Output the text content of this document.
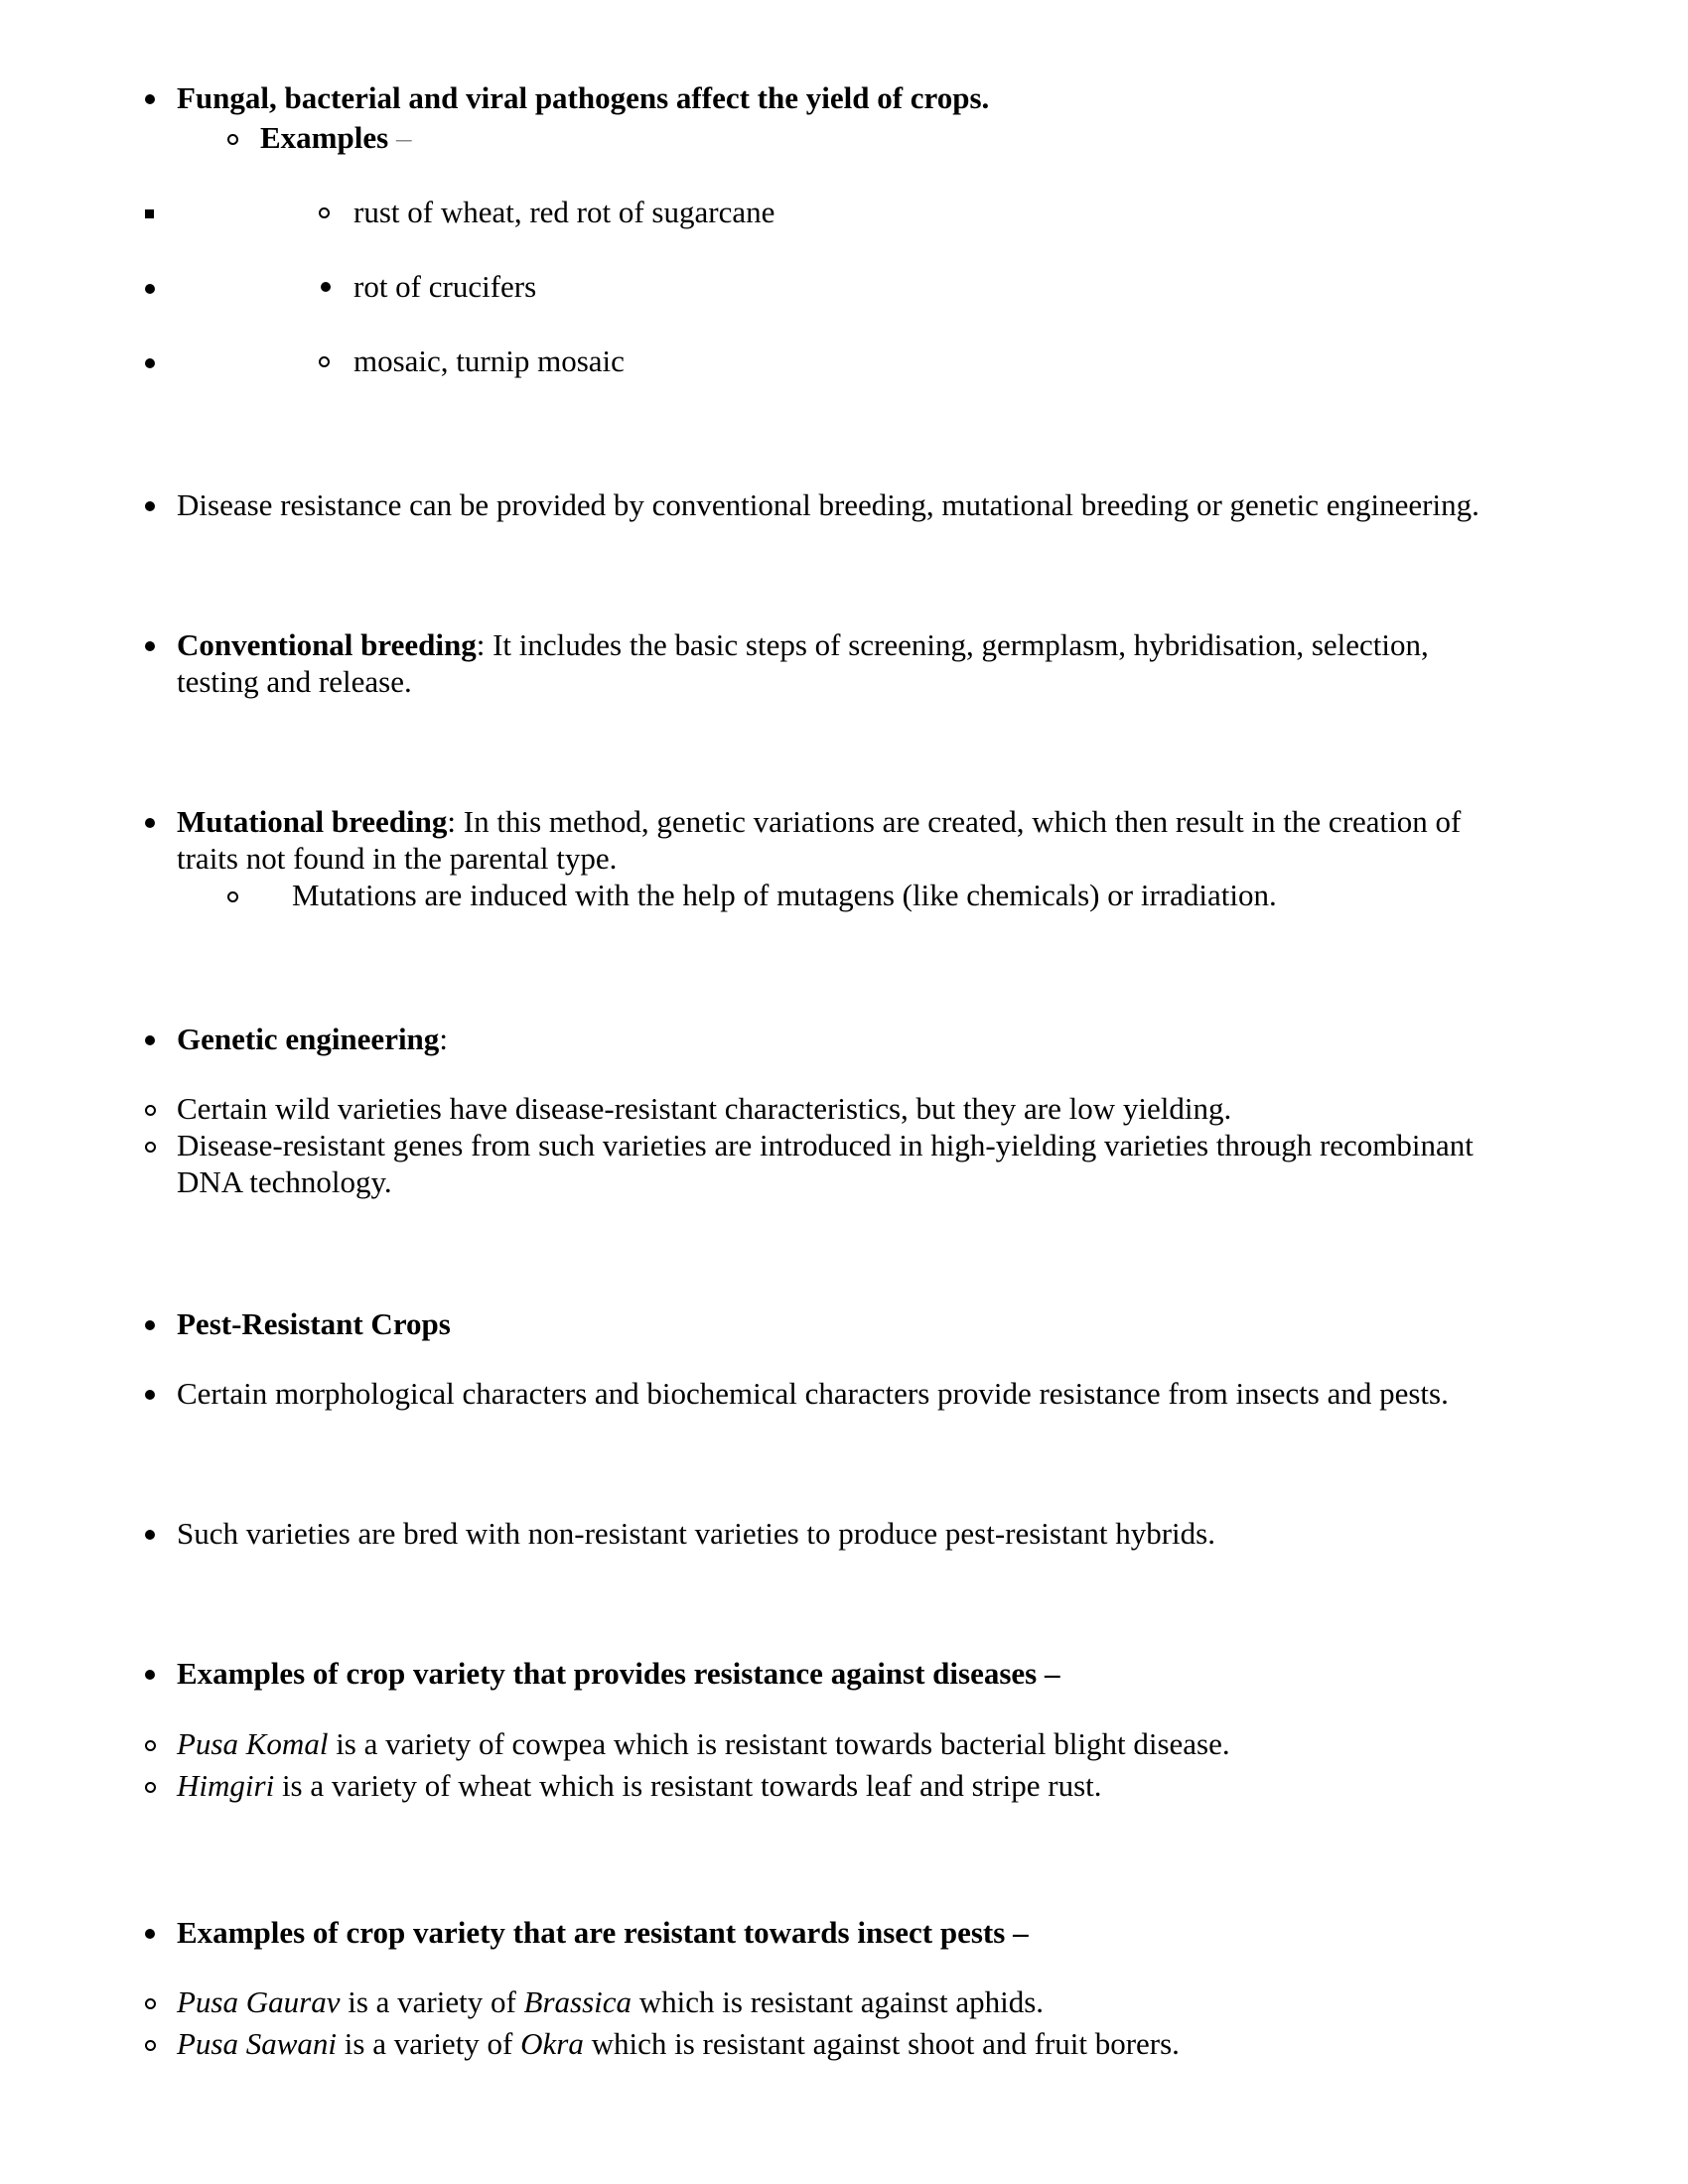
Fungal, bacterial and viral pathogens affect the yield of crops.
Examples –
rust of wheat, red rot of sugarcane
rot of crucifers
mosaic, turnip mosaic
Disease resistance can be provided by conventional breeding, mutational breeding or genetic engineering.
Conventional breeding: It includes the basic steps of screening, germplasm, hybridisation, selection,
testing and release.
Mutational breeding: In this method, genetic variations are created, which then result in the creation of
traits not found in the parental type.
Mutations are induced with the help of mutagens (like chemicals) or irradiation.
Genetic engineering:
Certain wild varieties have disease-resistant characteristics, but they are low yielding.
Disease-resistant genes from such varieties are introduced in high-yielding varieties through recombinant
DNA technology.
Pest-Resistant Crops
Certain morphological characters and biochemical characters provide resistance from insects and pests.
Such varieties are bred with non-resistant varieties to produce pest-resistant hybrids.
Examples of crop variety that provides resistance against diseases –
Pusa Komal is a variety of cowpea which is resistant towards bacterial blight disease.
Himgiri is a variety of wheat which is resistant towards leaf and stripe rust.
Examples of crop variety that are resistant towards insect pests –
Pusa Gaurav is a variety of Brassica which is resistant against aphids.
Pusa Sawani is a variety of Okra which is resistant against shoot and fruit borers.
